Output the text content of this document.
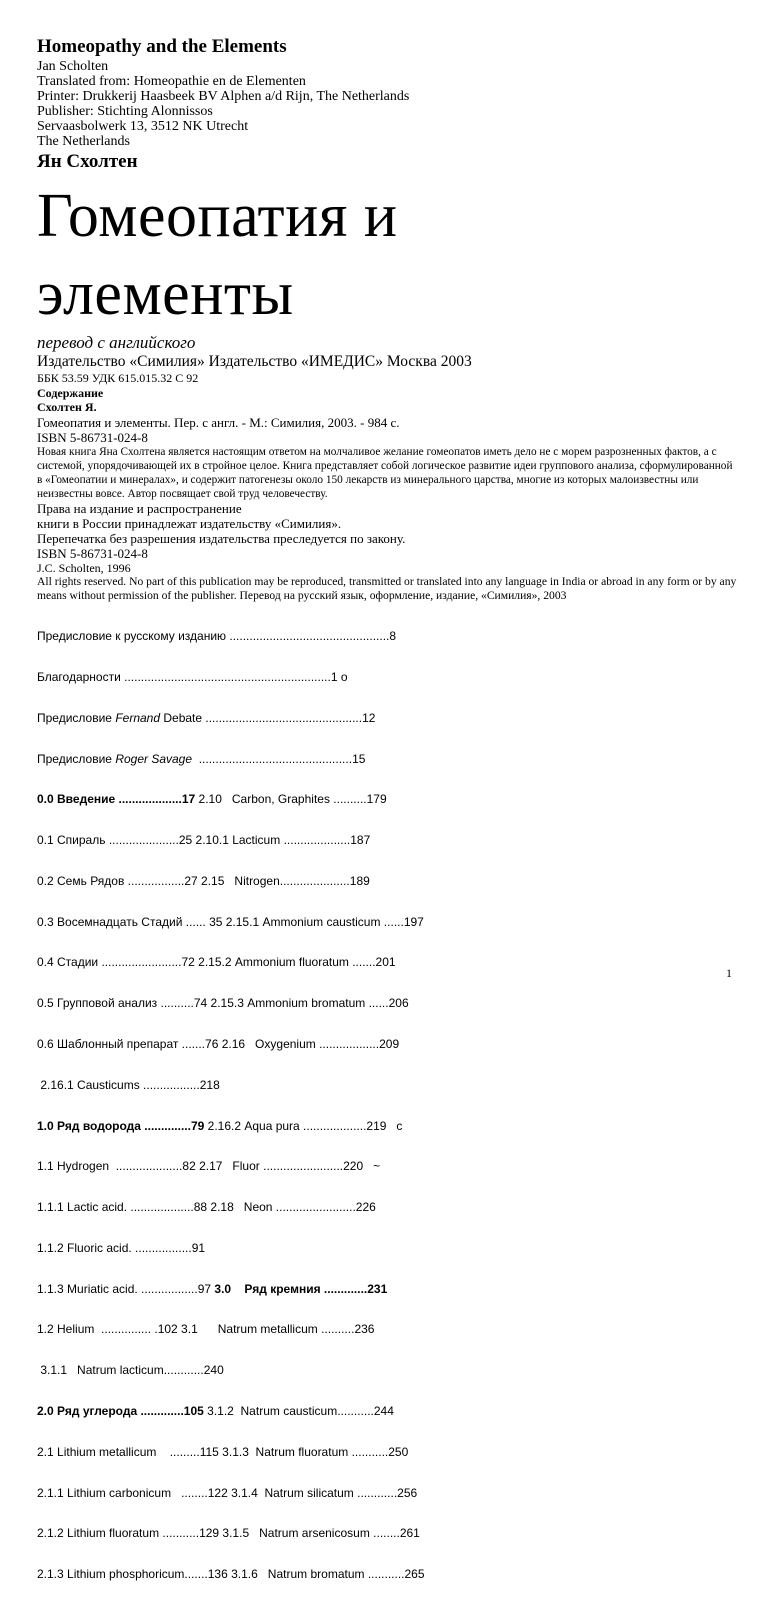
Homeopathy and the Elements
Jan Scholten
Translated from: Homeopathie en de Elementen
Printer: Drukkerij Haasbeek BV Alphen a/d Rijn, The Netherlands
Publisher: Stichting Alonnissos
Servaasbolwerk 13, 3512 NK Utrecht
The Netherlands
Ян Схолтен
Гомеопатия и
элементы
перевод с английского
Издательство «Симилия» Издательство «ИМЕДИС» Москва 2003
ББК 53.59 УДК 615.015.32 С 92
Содержание
Схолтен Я.
Гомеопатия и элементы. Пер. с англ. - М.: Симилия, 2003. - 984 с.
ISBN 5-86731-024-8
Новая книга Яна Схолтена является настоящим ответом на молчаливое желание гомеопатов иметь дело не с морем разрозненных фактов, а с системой, упорядочивающей их в стройное целое. Книга представляет собой логическое развитие идеи группового анализа, сформулированной в «Гомеопатии и минералах», и содержит патогенезы около 150 лекарств из минерального царства, многие из которых малоизвестны или неизвестны вовсе. Автор посвящает свой труд человечеству.
Права на издание и распространение
книги в России принадлежат издательству «Симилия».
Перепечатка без разрешения издательства преследуется по закону.
ISBN 5-86731-024-8
J.C. Scholten, 1996
All rights reserved. No part of this publication may be reproduced, transmitted or translated into any language in India or abroad in any form or by any means without permission of the publisher. Перевод на русский язык, оформление, издание, «Симилия», 2003

Предисловие к русскому изданию ................................................8

Благодарности ..............................................................1 о

Предисловие Fernand Debate ...............................................12

Предисловие Roger Savage  ..............................................15

0.0 Введение ...................17 2.10   Carbon, Graphites ..........179

0.1 Спираль .....................25 2.10.1 Lacticum ....................187

0.2 Семь Рядов .................27 2.15   Nitrogen.....................189

0.3 Восемнадцать Стадий ...... 35 2.15.1 Ammonium causticum ......197

0.4 Стадии ........................72 2.15.2 Ammonium fluoratum .......201

0.5 Групповой анализ ..........74 2.15.3 Ammonium bromatum ......206

0.6 Шаблонный препарат .......76 2.16   Oxygenium ..................209

2.16.1 Causticums .................218

1.0 Ряд водорода ..............79 2.16.2 Aqua pura ...................219   c

1.1 Hydrogen  ....................82 2.17   Fluor ........................220   ~

1.1.1 Lactic acid. ...................88 2.18   Neon ........................226

1.1.2 Fluoric acid. .................91

1.1.3 Muriatic acid. .................97 3.0    Ряд кремния .............231

1.2 Helium  ............... .102 3.1      Natrum metallicum ..........236

3.1.1   Natrum lacticum............240

2.0 Ряд углерода .............105 3.1.2  Natrum causticum...........244

2.1 Lithium metallicum    .........115 3.1.3  Natrum fluoratum ...........250

2.1.1 Lithium carbonicum   ........122 3.1.4  Natrum silicatum ............256

2.1.2 Lithium fluoratum ...........129 3.1.5   Natrum arsenicosum ........261

2.1.3 Lithium phosphoricum.......136 3.1.6   Natrum bromatum ...........265

1
